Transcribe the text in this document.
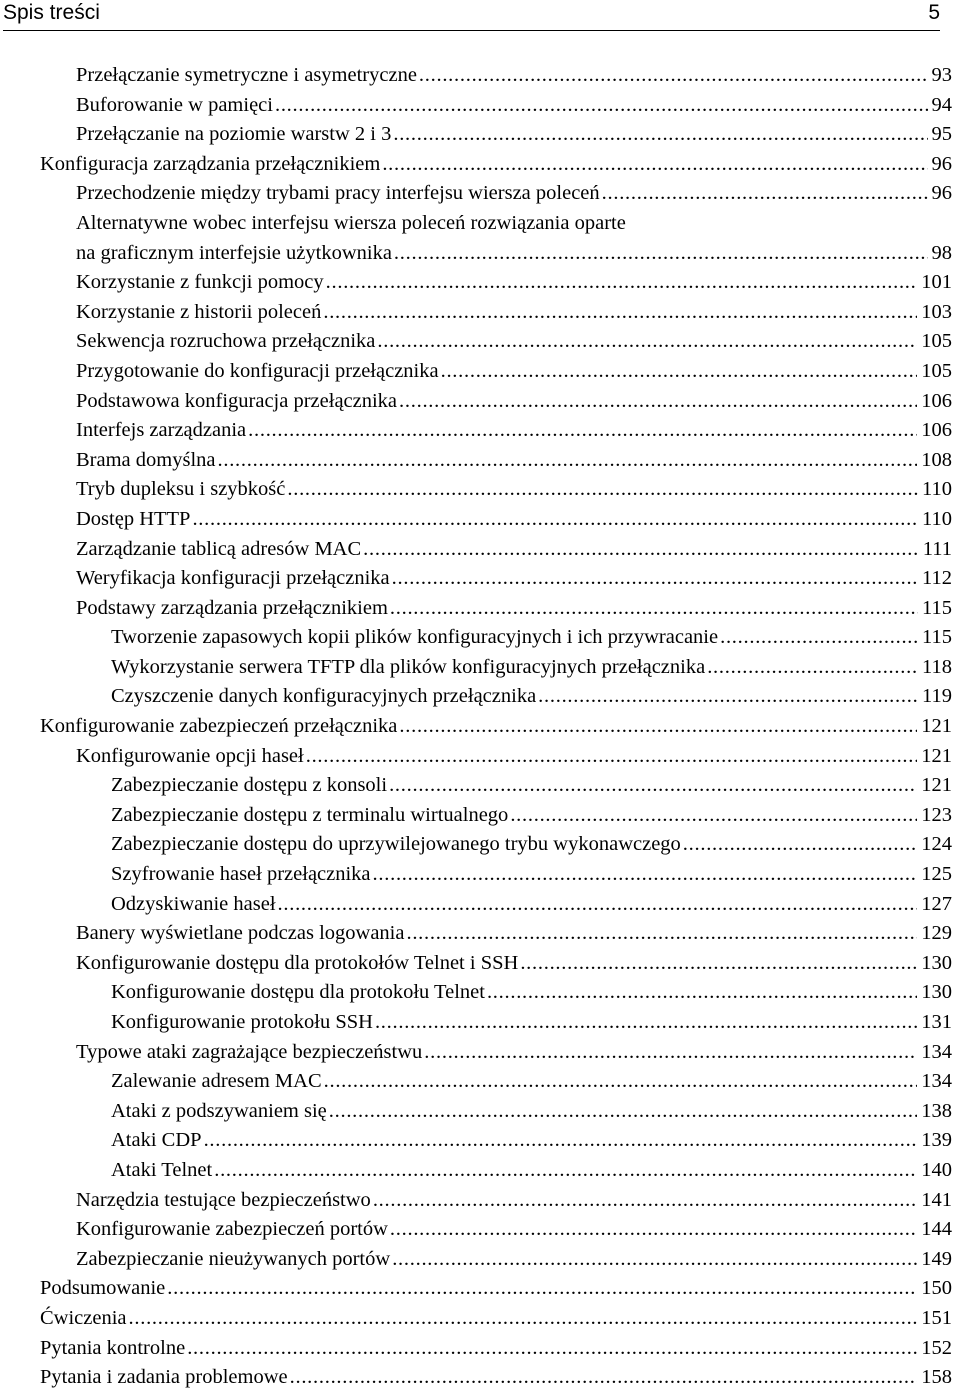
Spis treści	5
Przełączanie symetryczne i asymetryczne . . .	93
Buforowanie w pamięci . . .	94
Przełączanie na poziomie warstw 2 i 3 . . .	95
Konfiguracja zarządzania przełącznikiem . . .	96
Przechodzenie między trybami pracy interfejsu wiersza poleceń . . .	96
Alternatywne wobec interfejsu wiersza poleceń rozwiązania oparte
na graficznym interfejsie użytkownika . . .	98
Korzystanie z funkcji pomocy . . .	101
Korzystanie z historii poleceń . . .	103
Sekwencja rozruchowa przełącznika . . .	105
Przygotowanie do konfiguracji przełącznika . . .	105
Podstawowa konfiguracja przełącznika . . .	106
Interfejs zarządzania . . .	106
Brama domyślna . . .	108
Tryb dupleksu i szybkość . . .	110
Dostęp HTTP . . .	110
Zarządzanie tablicą adresów MAC . . .	111
Weryfikacja konfiguracji przełącznika . . .	112
Podstawy zarządzania przełącznikiem . . .	115
Tworzenie zapasowych kopii plików konfiguracyjnych i ich przywracanie . . .	115
Wykorzystanie serwera TFTP dla plików konfiguracyjnych przełącznika . . .	118
Czyszczenie danych konfiguracyjnych przełącznika . . .	119
Konfigurowanie zabezpieczeń przełącznika . . .	121
Konfigurowanie opcji haseł . . .	121
Zabezpieczanie dostępu z konsoli . . .	121
Zabezpieczanie dostępu z terminalu wirtualnego . . .	123
Zabezpieczanie dostępu do uprzywilejowanego trybu wykonawczego . . .	124
Szyfrowanie haseł przełącznika . . .	125
Odzyskiwanie haseł . . .	127
Banery wyświetlane podczas logowania . . .	129
Konfigurowanie dostępu dla protokołów Telnet i SSH . . .	130
Konfigurowanie dostępu dla protokołu Telnet . . .	130
Konfigurowanie protokołu SSH . . .	131
Typowe ataki zagrażające bezpieczeństwu . . .	134
Zalewanie adresem MAC . . .	134
Ataki z podszywaniem się . . .	138
Ataki CDP . . .	139
Ataki Telnet . . .	140
Narzędzia testujące bezpieczeństwo . . .	141
Konfigurowanie zabezpieczeń portów . . .	144
Zabezpieczanie nieużywanych portów . . .	149
Podsumowanie . . .	150
Ćwiczenia . . .	151
Pytania kontrolne . . .	152
Pytania i zadania problemowe . . .	158
